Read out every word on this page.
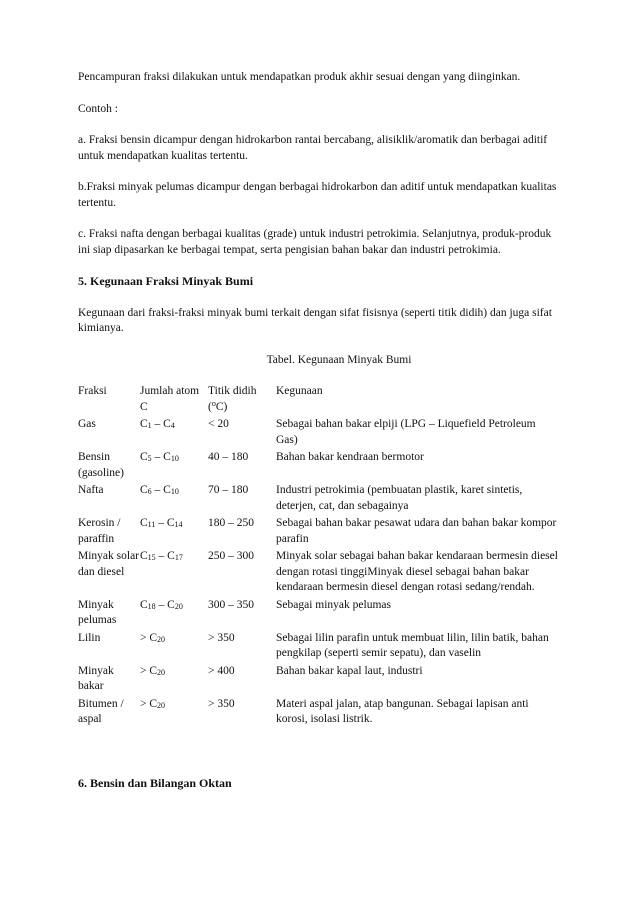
Pencampuran fraksi dilakukan untuk mendapatkan produk akhir sesuai dengan yang diinginkan.

Contoh :

a. Fraksi bensin dicampur dengan hidrokarbon rantai bercabang, alisiklik/aromatik dan berbagai aditif untuk mendapatkan kualitas tertentu.

b.Fraksi minyak pelumas dicampur dengan berbagai hidrokarbon dan aditif untuk mendapatkan kualitas tertentu.

c. Fraksi nafta dengan berbagai kualitas (grade) untuk industri petrokimia. Selanjutnya, produk-produk ini siap dipasarkan ke berbagai tempat, serta pengisian bahan bakar dan industri petrokimia.

5. Kegunaan Fraksi Minyak Bumi

Kegunaan dari fraksi-fraksi minyak bumi terkait dengan sifat fisisnya (seperti titik didih) dan juga sifat kimianya.

Tabel. Kegunaan Minyak Bumi

Fraksi	Jumlah atom C	Titik didih ($^o$C)	Kegunaan
Gas	$C_1 - C_4$	< 20	Sebagai bahan bakar elpiji (LPG – Liquefield Petroleum Gas)
Bensin (gasoline)	$C_5 - C_{10}$	40 – 180	Bahan bakar kendraan bermotor
Nafta	$C_6 - C_{10}$	70 – 180	Industri petrokimia (pembuatan plastik, karet sintetis, deterjen, cat, dan sebagainya
Kerosin / paraffin	$C_{11} - C_{14}$	180 – 250	Sebagai bahan bakar pesawat udara dan bahan bakar kompor parafin
Minyak solar dan diesel	$C_{15} - C_{17}$	250 – 300	Minyak solar sebagai bahan bakar kendaraan bermesin diesel dengan rotasi tinggiMinyak diesel sebagai bahan bakar kendaraan bermesin diesel dengan rotasi sedang/rendah.
Minyak pelumas	$C_{18} - C_{20}$	300 – 350	Sebagai minyak pelumas
Lilin	> $C_{20}$	> 350	Sebagai lilin parafin untuk membuat lilin, lilin batik, bahan pengkilap (seperti semir sepatu), dan vaselin
Minyak bakar	> $C_{20}$	> 400	Bahan bakar kapal laut, industri
Bitumen / aspal	> $C_{20}$	> 350	Materi aspal jalan, atap bangunan. Sebagai lapisan anti korosi, isolasi listrik.

6. Bensin dan Bilangan Oktan
